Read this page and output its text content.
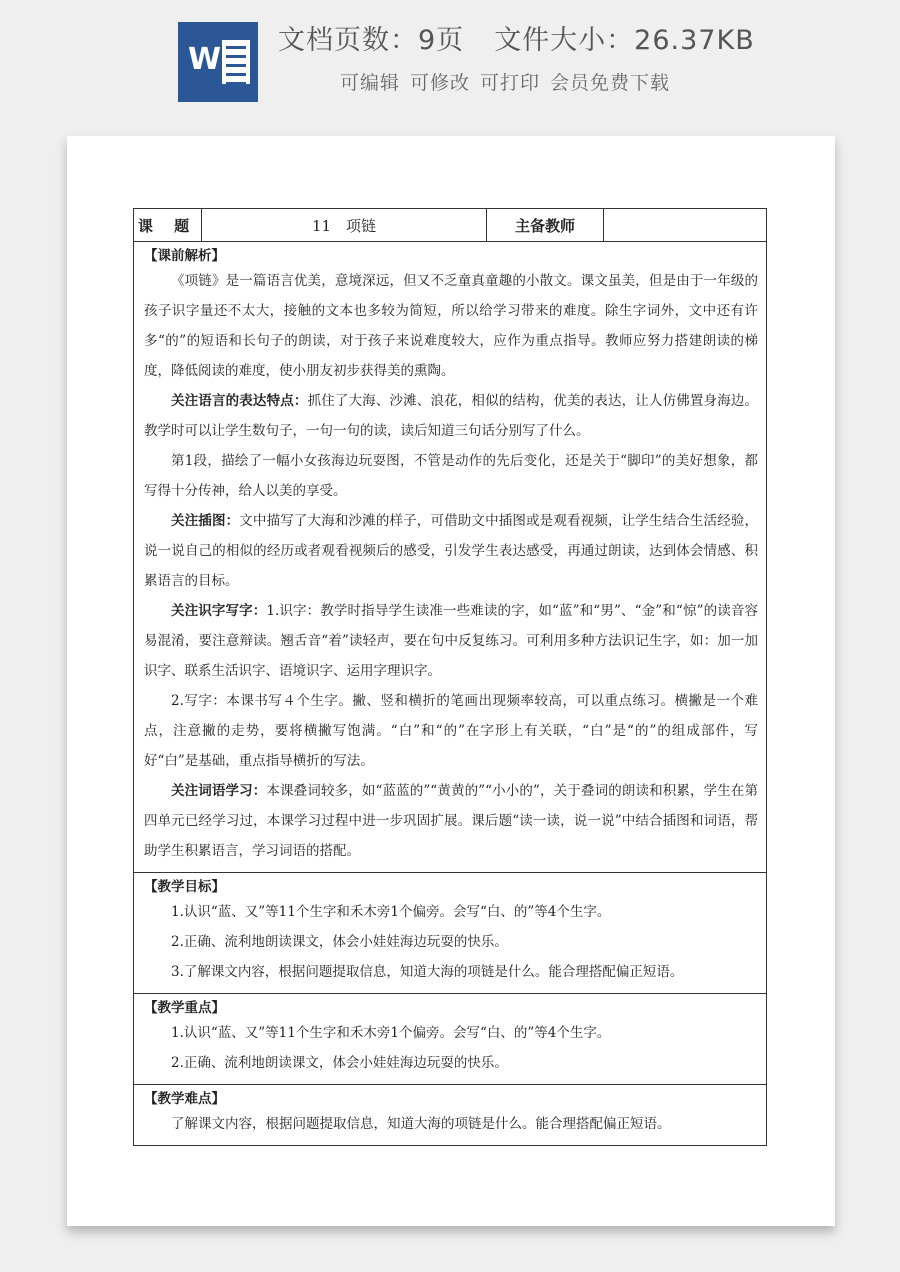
W
文档页数：9页 文件大小：26.37KB
可编辑 可修改 可打印 会员免费下载
课 题	11　项链	主备教师
【课前解析】

《项链》是一篇语言优美，意境深远，但又不乏童真童趣的小散文。课文虽美，但是由于一年级的孩子识字量还不太大，接触的文本也多较为简短，所以给学习带来的难度。除生字词外，文中还有许多“的”的短语和长句子的朗读，对于孩子来说难度较大，应作为重点指导。教师应努力搭建朗读的梯度，降低阅读的难度，使小朋友初步获得美的熏陶。

关注语言的表达特点：抓住了大海、沙滩、浪花，相似的结构，优美的表达，让人仿佛置身海边。教学时可以让学生数句子，一句一句的读，读后知道三句话分别写了什么。

第1段，描绘了一幅小女孩海边玩耍图，不管是动作的先后变化，还是关于“脚印”的美好想象，都写得十分传神，给人以美的享受。

关注插图：文中描写了大海和沙滩的样子，可借助文中插图或是观看视频，让学生结合生活经验，说一说自己的相似的经历或者观看视频后的感受，引发学生表达感受，再通过朗读，达到体会情感、积累语言的目标。

关注识字写字：1.识字：教学时指导学生读准一些难读的字，如“蓝”和“男”、“金”和“惊”的读音容易混淆，要注意辩读。翘舌音“着”读轻声，要在句中反复练习。可利用多种方法识记生字，如：加一加识字、联系生活识字、语境识字、运用字理识字。

2.写字：本课书写４个生字。撇、竖和横折的笔画出现频率较高，可以重点练习。横撇是一个难点，注意撇的走势，要将横撇写饱满。“白”和“的”在字形上有关联，“白”是“的”的组成部件，写好“白”是基础，重点指导横折的写法。

关注词语学习：本课叠词较多，如“蓝蓝的”“黄黄的”“小小的”，关于叠词的朗读和积累，学生在第四单元已经学习过，本课学习过程中进一步巩固扩展。课后题“读一读，说一说”中结合插图和词语，帮助学生积累语言，学习词语的搭配。

【教学目标】

1.认识“蓝、又”等11个生字和禾木旁1个偏旁。会写“白、的”等4个生字。

2.正确、流利地朗读课文，体会小娃娃海边玩耍的快乐。

3.了解课文内容，根据问题提取信息，知道大海的项链是什么。能合理搭配偏正短语。

【教学重点】

1.认识“蓝、又”等11个生字和禾木旁1个偏旁。会写“白、的”等4个生字。

2.正确、流利地朗读课文，体会小娃娃海边玩耍的快乐。

【教学难点】

了解课文内容，根据问题提取信息，知道大海的项链是什么。能合理搭配偏正短语。
